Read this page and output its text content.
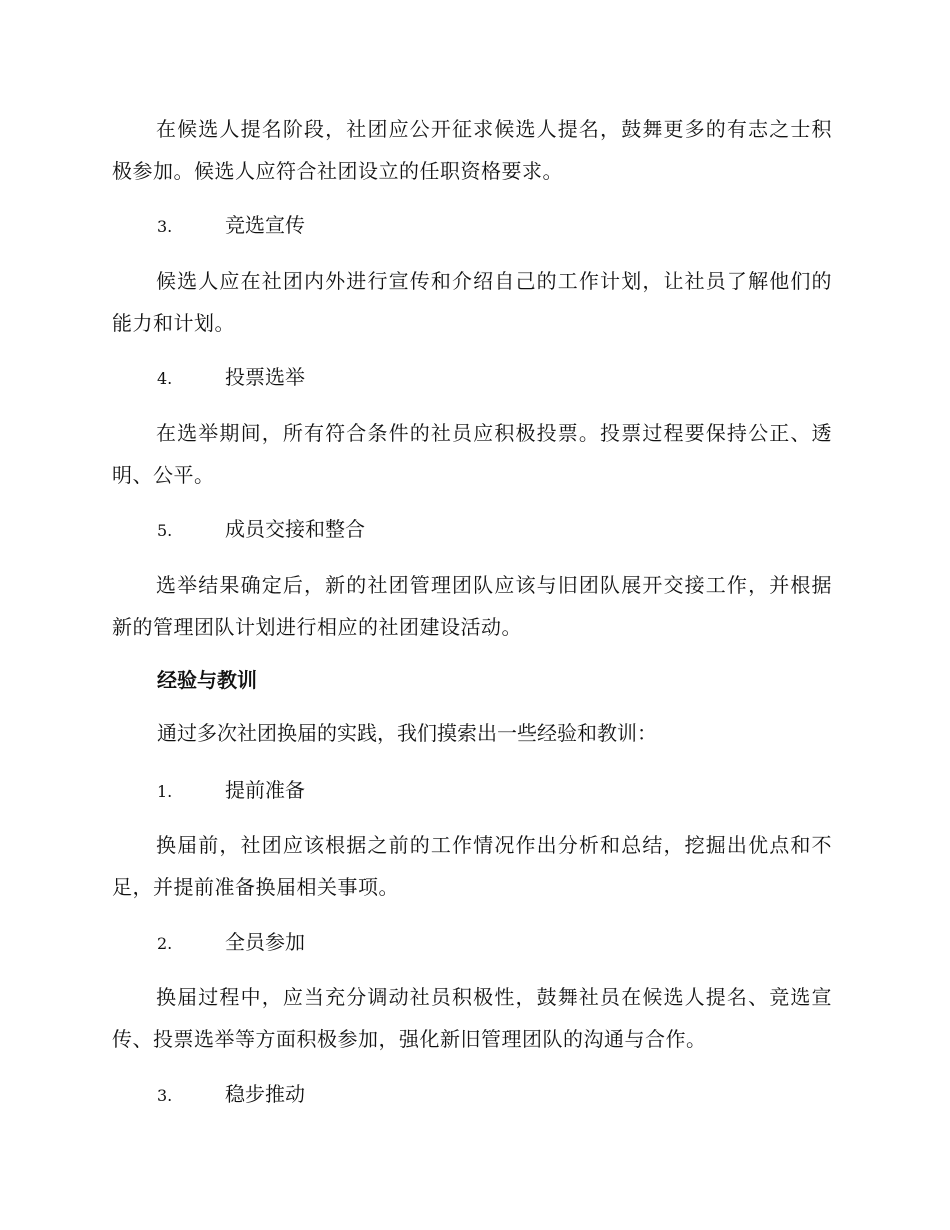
在候选人提名阶段，社团应公开征求候选人提名，鼓舞更多的有志之士积极参加。候选人应符合社团设立的任职资格要求。

3.	竞选宣传

候选人应在社团内外进行宣传和介绍自己的工作计划，让社员了解他们的能力和计划。

4.	投票选举

在选举期间，所有符合条件的社员应积极投票。投票过程要保持公正、透明、公平。

5.	成员交接和整合

选举结果确定后，新的社团管理团队应该与旧团队展开交接工作，并根据新的管理团队计划进行相应的社团建设活动。

经验与教训

通过多次社团换届的实践，我们摸索出一些经验和教训：

1.	提前准备

换届前，社团应该根据之前的工作情况作出分析和总结，挖掘出优点和不足，并提前准备换届相关事项。

2.	全员参加

换届过程中，应当充分调动社员积极性，鼓舞社员在候选人提名、竞选宣传、投票选举等方面积极参加，强化新旧管理团队的沟通与合作。

3.	稳步推动
